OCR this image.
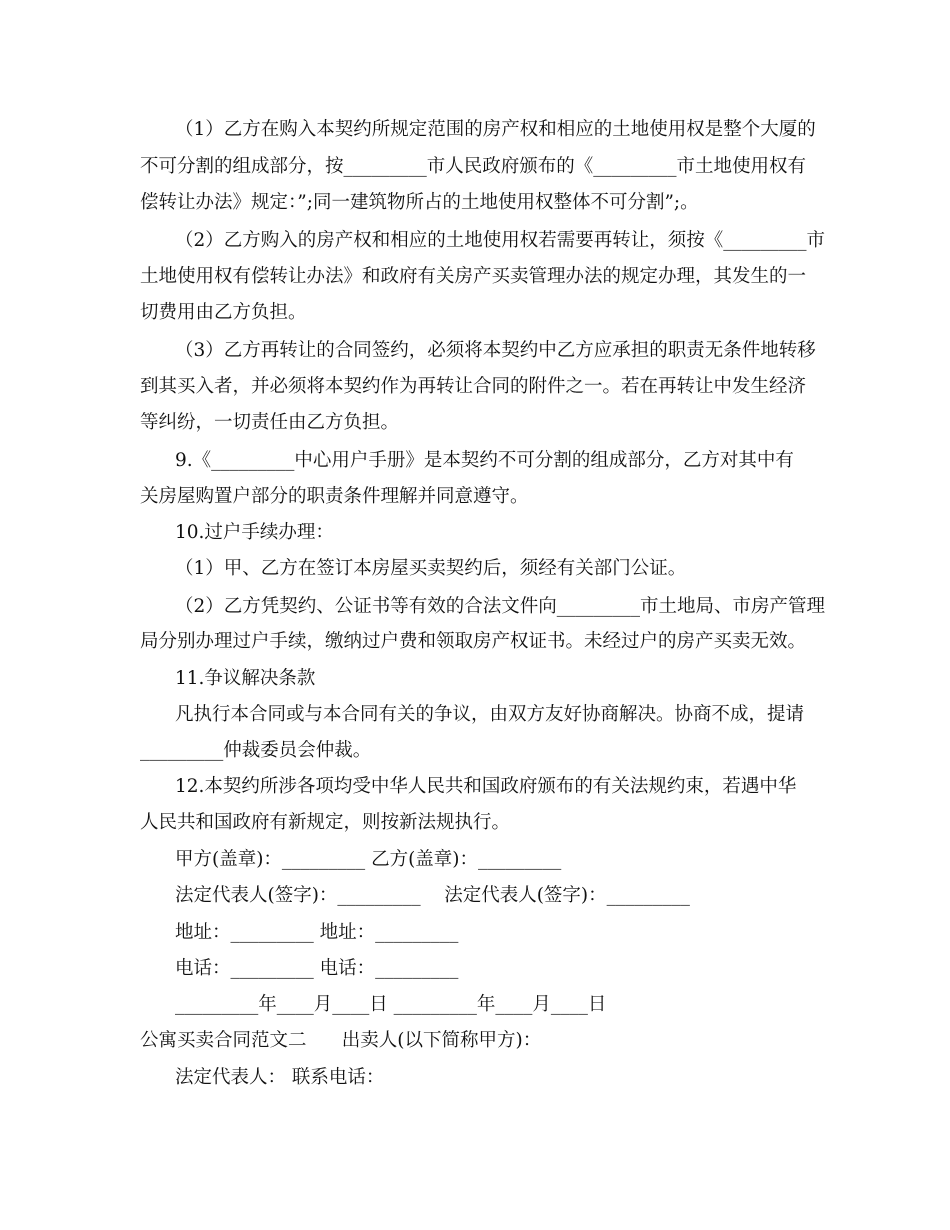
（1）乙方在购入本契约所规定范围的房产权和相应的土地使用权是整个大厦的
不可分割的组成部分，按_________市人民政府颁布的《_________市土地使用权有
偿转让办法》规定：”;同一建筑物所占的土地使用权整体不可分割”;。
（2）乙方购入的房产权和相应的土地使用权若需要再转让，须按《_________市
土地使用权有偿转让办法》和政府有关房产买卖管理办法的规定办理，其发生的一
切费用由乙方负担。
（3）乙方再转让的合同签约，必须将本契约中乙方应承担的职责无条件地转移
到其买入者，并必须将本契约作为再转让合同的附件之一。若在再转让中发生经济
等纠纷，一切责任由乙方负担。
9.《_________中心用户手册》是本契约不可分割的组成部分，乙方对其中有
关房屋购置户部分的职责条件理解并同意遵守。
10.过户手续办理：
（1）甲、乙方在签订本房屋买卖契约后，须经有关部门公证。
（2）乙方凭契约、公证书等有效的合法文件向_________市土地局、市房产管理
局分别办理过户手续，缴纳过户费和领取房产权证书。未经过户的房产买卖无效。
11.争议解决条款
凡执行本合同或与本合同有关的争议，由双方友好协商解决。协商不成，提请
_________仲裁委员会仲裁。
12.本契约所涉各项均受中华人民共和国政府颁布的有关法规约束，若遇中华
人民共和国政府有新规定，则按新法规执行。
甲方(盖章)：_________ 乙方(盖章)：_________
法定代表人(签字)：_________    法定代表人(签字)：_________
地址：_________ 地址：_________
电话：_________ 电话：_________
_________年____月____日 _________年____月____日
公寓买卖合同范文二      出卖人(以下简称甲方)：
法定代表人： 联系电话：
